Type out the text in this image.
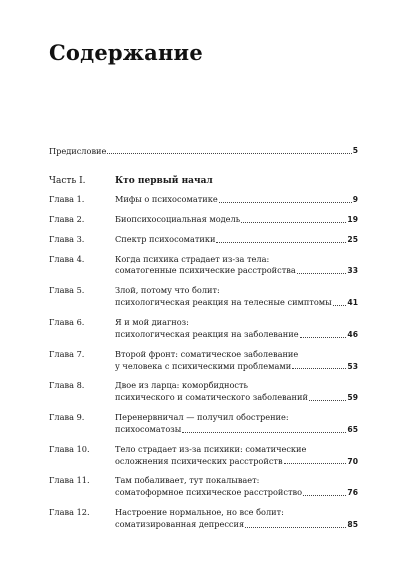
Содержание
Предисловие	5
Часть I.	Кто первый начал
Глава 1.	Мифы о психосоматике	9
Глава 2.	Биопсихосоциальная модель	19
Глава 3.	Спектр психосоматики	25
Глава 4.	Когда психика страдает из-за тела:
соматогенные психические расстройства	33
Глава 5.	Злой, потому что болит:
психологическая реакция на телесные симптомы 41
Глава 6.	Я и мой диагноз:
психологическая реакция на заболевание	46
Глава 7.	Второй фронт: соматическое заболевание
у человека с психическими проблемами	53
Глава 8.	Двое из ларца: коморбидность
психического и соматического заболеваний	59
Глава 9.	Перенервничал — получил обострение:
психосоматозы	65
Глава 10.	Тело страдает из-за психики: соматические
осложнения психических расстройств	70
Глава 11.	Там побаливает, тут покалывает:
соматоформное психическое расстройство	76
Глава 12.	Настроение нормальное, но все болит:
соматизированная депрессия	85
